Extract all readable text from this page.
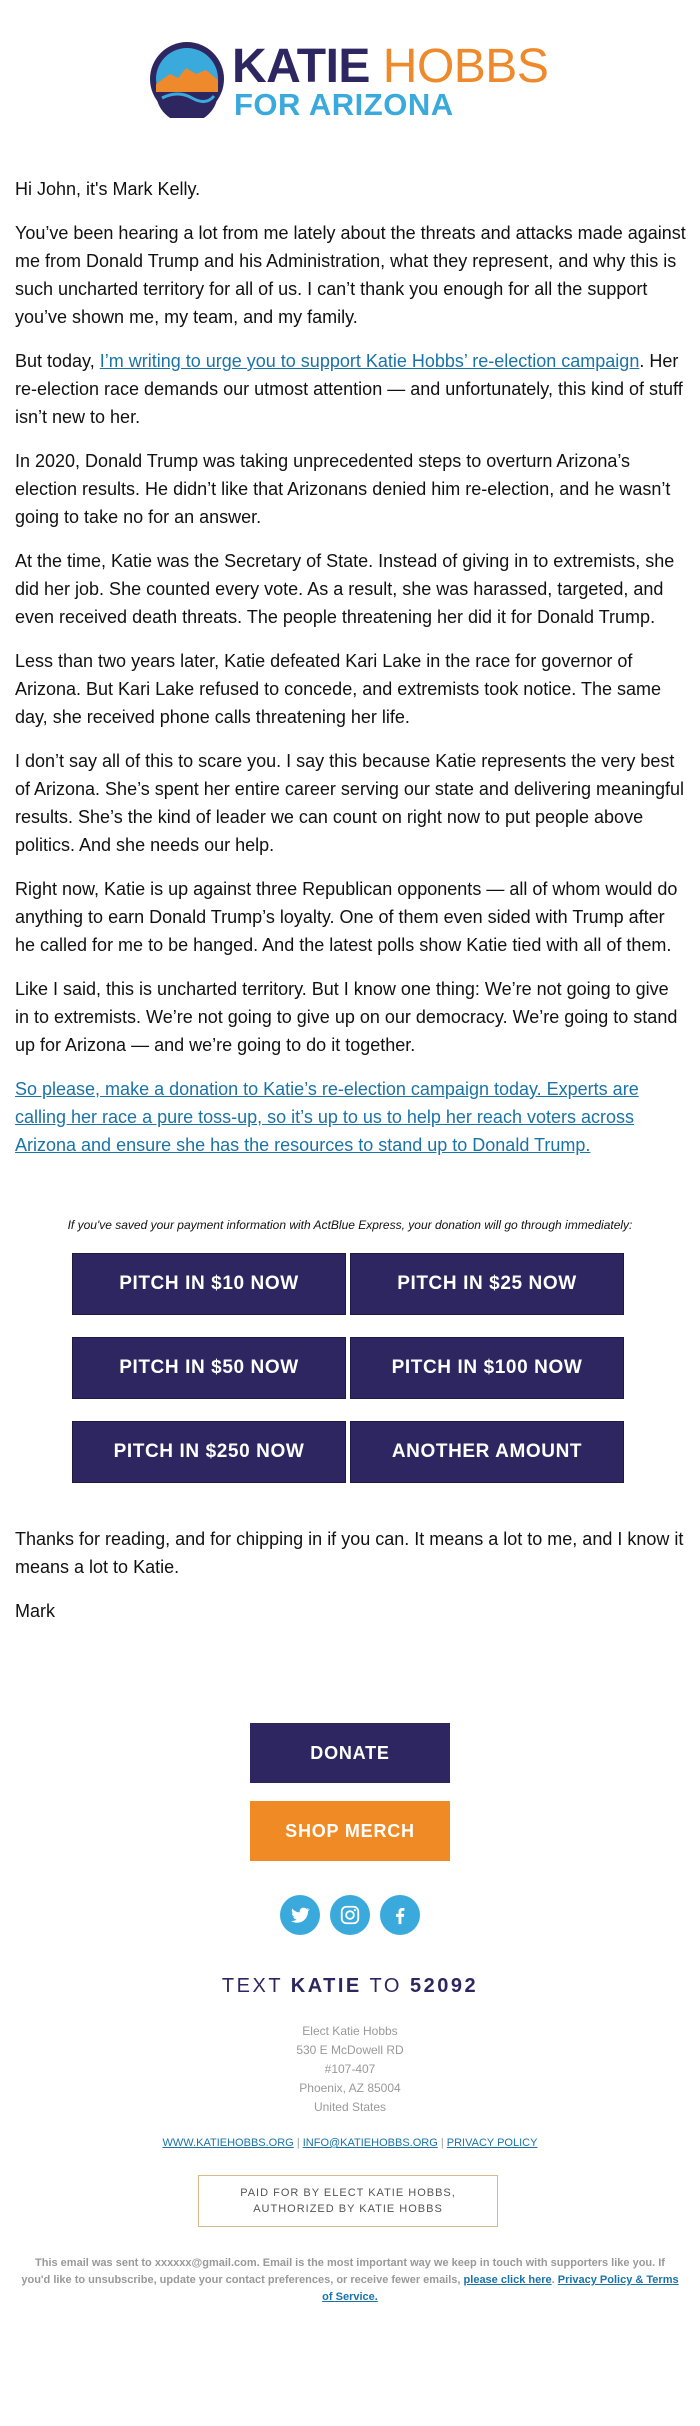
KATIE HOBBS
FOR ARIZONA

Hi John, it's Mark Kelly.

You’ve been hearing a lot from me lately about the threats and attacks made against me from Donald Trump and his Administration, what they represent, and why this is such uncharted territory for all of us. I can’t thank you enough for all the support you’ve shown me, my team, and my family.

But today, I’m writing to urge you to support Katie Hobbs’ re-election campaign. Her re-election race demands our utmost attention — and unfortunately, this kind of stuff isn’t new to her.

In 2020, Donald Trump was taking unprecedented steps to overturn Arizona’s election results. He didn’t like that Arizonans denied him re-election, and he wasn’t going to take no for an answer.

At the time, Katie was the Secretary of State. Instead of giving in to extremists, she did her job. She counted every vote. As a result, she was harassed, targeted, and even received death threats. The people threatening her did it for Donald Trump.

Less than two years later, Katie defeated Kari Lake in the race for governor of Arizona. But Kari Lake refused to concede, and extremists took notice. The same day, she received phone calls threatening her life.

I don’t say all of this to scare you. I say this because Katie represents the very best of Arizona. She’s spent her entire career serving our state and delivering meaningful results. She’s the kind of leader we can count on right now to put people above politics. And she needs our help.

Right now, Katie is up against three Republican opponents — all of whom would do anything to earn Donald Trump’s loyalty. One of them even sided with Trump after he called for me to be hanged. And the latest polls show Katie tied with all of them.

Like I said, this is uncharted territory. But I know one thing: We’re not going to give in to extremists. We’re not going to give up on our democracy. We’re going to stand up for Arizona — and we’re going to do it together.

So please, make a donation to Katie’s re-election campaign today. Experts are calling her race a pure toss-up, so it’s up to us to help her reach voters across Arizona and ensure she has the resources to stand up to Donald Trump.

If you've saved your payment information with ActBlue Express, your donation will go through immediately:
PITCH IN $10 NOW	PITCH IN $25 NOW
PITCH IN $50 NOW	PITCH IN $100 NOW
PITCH IN $250 NOW	ANOTHER AMOUNT

Thanks for reading, and for chipping in if you can. It means a lot to me, and I know it means a lot to Katie.

Mark

DONATE
SHOP MERCH
TEXT KATIE TO 52092
Elect Katie Hobbs
530 E McDowell RD
#107-407
Phoenix, AZ 85004
United States
WWW.KATIEHOBBS.ORG | INFO@KATIEHOBBS.ORG | PRIVACY POLICY
PAID FOR BY ELECT KATIE HOBBS,
AUTHORIZED BY KATIE HOBBS
This email was sent to xxxxxx@gmail.com. Email is the most important way we keep in touch with supporters like you. If you'd like to unsubscribe, update your contact preferences, or receive fewer emails, please click here. Privacy Policy & Terms of Service.
